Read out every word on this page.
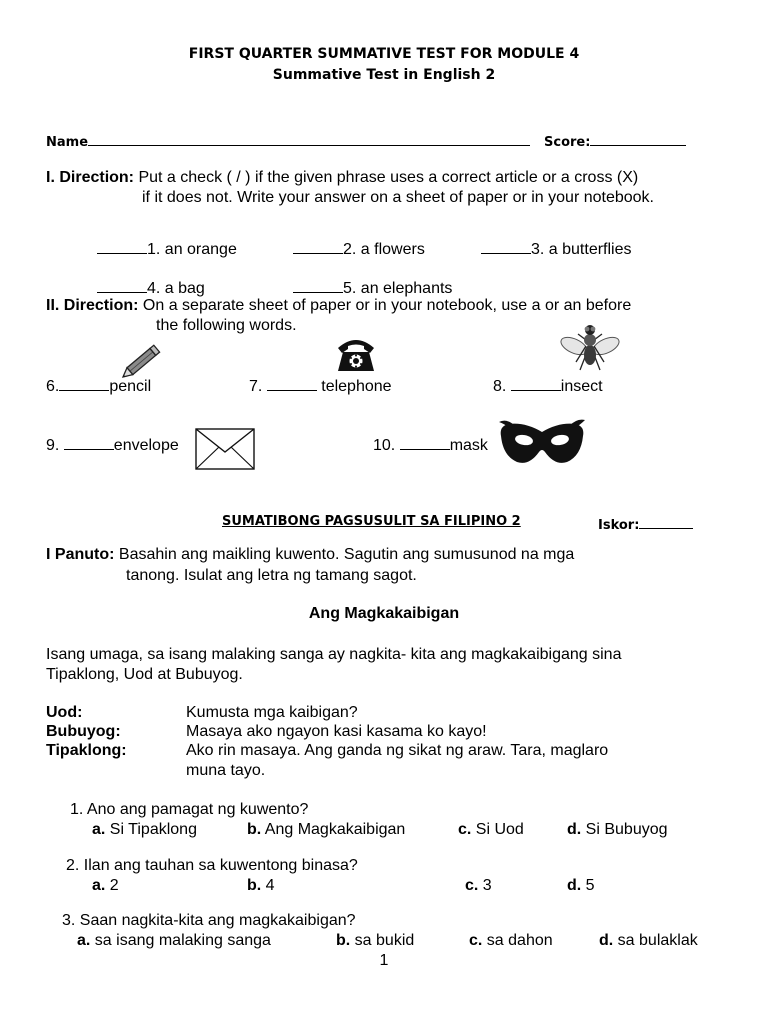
FIRST QUARTER SUMMATIVE TEST FOR MODULE 4
Summative Test in English 2
Name	Score:
I. Direction: Put a check ( / ) if the given phrase uses a correct article or a cross (X)
if it does not. Write your answer on a sheet of paper or in your notebook.
1. an orange	2. a flowers	3. a butterflies
4. a bag	5. an elephants
II. Direction: On a separate sheet of paper or in your notebook, use a or an before
the following words.
6.	pencil	7.	telephone	8.	insect
9.	envelope	10.	mask
SUMATIBONG PAGSUSULIT SA FILIPINO 2	Iskor:
I Panuto: Basahin ang maikling kuwento. Sagutin ang sumusunod na mga
tanong. Isulat ang letra ng tamang sagot.
Ang Magkakaibigan
Isang umaga, sa isang malaking sanga ay nagkita- kita ang magkakaibigang sina
Tipaklong, Uod at Bubuyog.
Uod:	Kumusta mga kaibigan?
Bubuyog:	Masaya ako ngayon kasi kasama ko kayo!
Tipaklong:	Ako rin masaya. Ang ganda ng sikat ng araw. Tara, maglaro
muna tayo.
1. Ano ang pamagat ng kuwento?
a. Si Tipaklong	b. Ang Magkakaibigan	c. Si Uod	d. Si Bubuyog
2. Ilan ang tauhan sa kuwentong binasa?
a. 2	b. 4	c. 3	d. 5
3. Saan nagkita-kita ang magkakaibigan?
a. sa isang malaking sanga	b. sa bukid	c. sa dahon	d. sa bulaklak
1
